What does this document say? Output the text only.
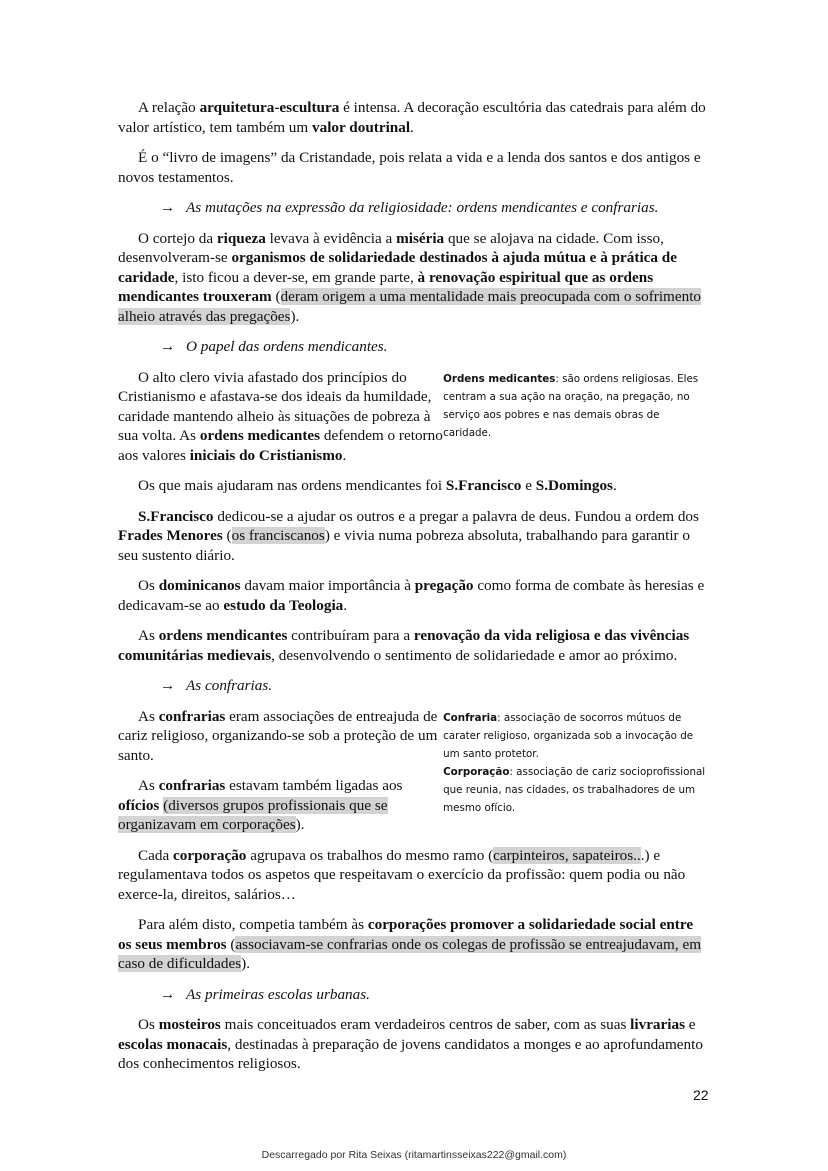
A relação arquitetura-escultura é intensa. A decoração escultória das catedrais para além do valor artístico, tem também um valor doutrinal.

É o “livro de imagens” da Cristandade, pois relata a vida e a lenda dos santos e dos antigos e novos testamentos.

→ As mutações na expressão da religiosidade: ordens mendicantes e confrarias.

O cortejo da riqueza levava à evidência a miséria que se alojava na cidade. Com isso, desenvolveram-se organismos de solidariedade destinados à ajuda mútua e à prática de caridade, isto ficou a dever-se, em grande parte, à renovação espiritual que as ordens mendicantes trouxeram (deram origem a uma mentalidade mais preocupada com o sofrimento alheio através das pregações).

→ O papel das ordens mendicantes.

O alto clero vivia afastado dos princípios do Cristianismo e afastava-se dos ideais da humildade, caridade mantendo alheio às situações de pobreza à sua volta. As ordens medicantes defendem o retorno aos valores iniciais do Cristianismo.

Ordens medicantes: são ordens religiosas. Eles centram a sua ação na oração, na pregação, no serviço aos pobres e nas demais obras de caridade.

Os que mais ajudaram nas ordens mendicantes foi S.Francisco e S.Domingos.

S.Francisco dedicou-se a ajudar os outros e a pregar a palavra de deus. Fundou a ordem dos Frades Menores (os franciscanos) e vivia numa pobreza absoluta, trabalhando para garantir o seu sustento diário.

Os dominicanos davam maior importância à pregação como forma de combate às heresias e dedicavam-se ao estudo da Teologia.

As ordens mendicantes contribuíram para a renovação da vida religiosa e das vivências comunitárias medievais, desenvolvendo o sentimento de solidariedade e amor ao próximo.

→ As confrarias.

As confrarias eram associações de entreajuda de cariz religioso, organizando-se sob a proteção de um santo.

As confrarias estavam também ligadas aos ofícios (diversos grupos profissionais que se organizavam em corporações).

Confraria: associação de socorros mútuos de carater religioso, organizada sob a invocação de um santo protetor.

Corporação: associação de cariz socioprofissional que reunia, nas cidades, os trabalhadores de um mesmo ofício.

Cada corporação agrupava os trabalhos do mesmo ramo (carpinteiros, sapateiros...) e regulamentava todos os aspetos que respeitavam o exercício da profissão: quem podia ou não exerce-la, direitos, salários…

Para além disto, competia também às corporações promover a solidariedade social entre os seus membros (associavam-se confrarias onde os colegas de profissão se entreajudavam, em caso de dificuldades).

→ As primeiras escolas urbanas.

Os mosteiros mais conceituados eram verdadeiros centros de saber, com as suas livrarias e escolas monacais, destinadas à preparação de jovens candidatos a monges e ao aprofundamento dos conhecimentos religiosos.

22
Descarregado por Rita Seixas (ritamartinsseixas222@gmail.com)
